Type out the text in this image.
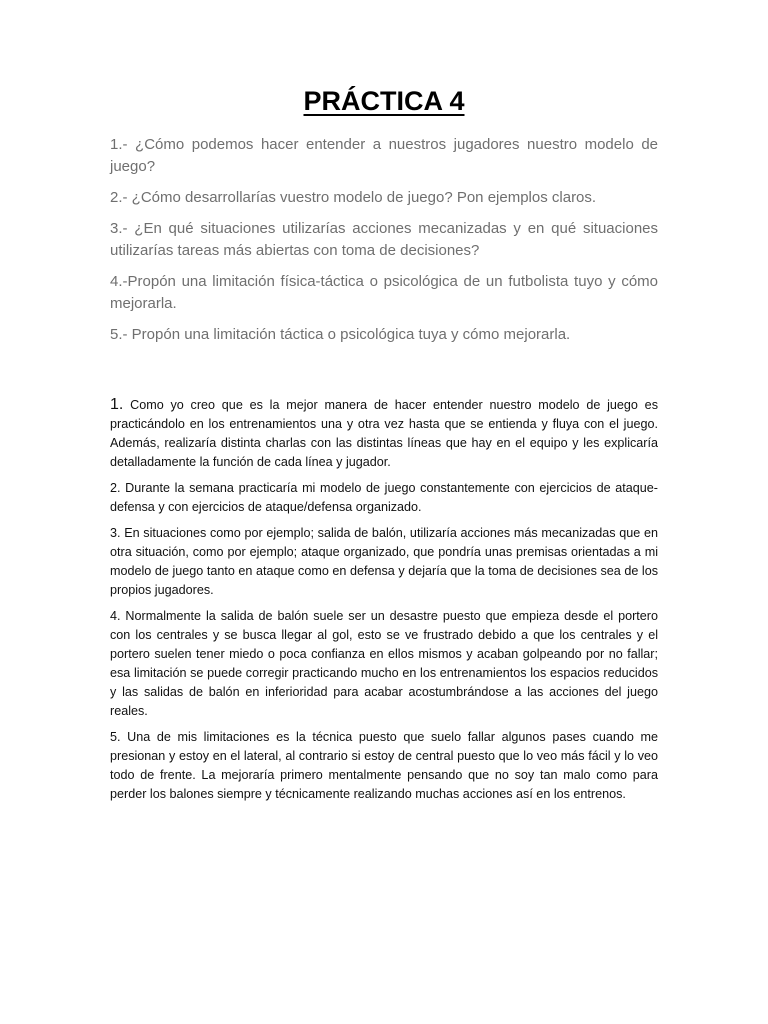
PRÁCTICA 4

1.- ¿Cómo podemos hacer entender a nuestros jugadores nuestro modelo de juego?

2.- ¿Cómo desarrollarías vuestro modelo de juego? Pon ejemplos claros.

3.- ¿En qué situaciones utilizarías acciones mecanizadas y en qué situaciones utilizarías tareas más abiertas con toma de decisiones?

4.-Propón una limitación física-táctica o psicológica de un futbolista tuyo y cómo mejorarla.

5.- Propón una limitación táctica o psicológica tuya y cómo mejorarla.

1. Como yo creo que es la mejor manera de hacer entender nuestro modelo de juego es practicándolo en los entrenamientos una y otra vez hasta que se entienda y fluya con el juego. Además, realizaría distinta charlas con las distintas líneas que hay en el equipo y les explicaría detalladamente la función de cada línea y jugador.

2. Durante la semana practicaría mi modelo de juego constantemente con ejercicios de ataque-defensa y con ejercicios de ataque/defensa organizado.

3. En situaciones como por ejemplo; salida de balón, utilizaría acciones más mecanizadas que en otra situación, como por ejemplo; ataque organizado, que pondría unas premisas orientadas a mi modelo de juego tanto en ataque como en defensa y dejaría que la toma de decisiones sea de los propios jugadores.

4. Normalmente la salida de balón suele ser un desastre puesto que empieza desde el portero con los centrales y se busca llegar al gol, esto se ve frustrado debido a que los centrales y el portero suelen tener miedo o poca confianza en ellos mismos y acaban golpeando por no fallar; esa limitación se puede corregir practicando mucho en los entrenamientos los espacios reducidos y las salidas de balón en inferioridad para acabar acostumbrándose a las acciones del juego reales.

5. Una de mis limitaciones es la técnica puesto que suelo fallar algunos pases cuando me presionan y estoy en el lateral, al contrario si estoy de central puesto que lo veo más fácil y lo veo todo de frente. La mejoraría primero mentalmente pensando que no soy tan malo como para perder los balones siempre y técnicamente realizando muchas acciones así en los entrenos.
